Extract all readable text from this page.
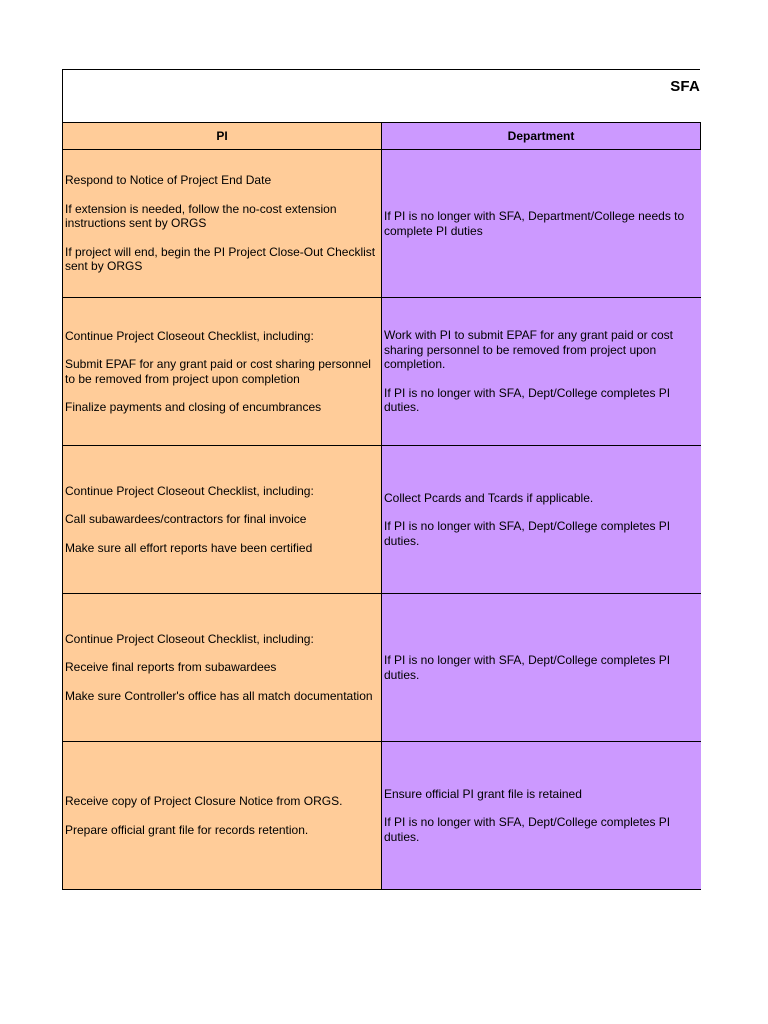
SFA
PI	Department

Respond to Notice of Project End Date
If extension is needed, follow the no-cost extension instructions sent by ORGS
If project will end, begin the PI Project Close-Out Checklist sent by ORGS	If PI is no longer with SFA, Department/College needs to complete PI duties

Continue Project Closeout Checklist, including:
Submit EPAF for any grant paid or cost sharing personnel to be removed from project upon completion
Finalize payments and closing of encumbrances	Work with PI to submit EPAF for any grant paid or cost sharing personnel to be removed from project upon completion.
If PI is no longer with SFA, Dept/College completes PI duties.

Continue Project Closeout Checklist, including:
Call subawardees/contractors for final invoice
Make sure all effort reports have been certified	Collect Pcards and Tcards if applicable.
If PI is no longer with SFA, Dept/College completes PI duties.

Continue Project Closeout Checklist, including:
Receive final reports from subawardees
Make sure Controller's office has all match documentation	If PI is no longer with SFA, Dept/College completes PI duties.

Receive copy of Project Closure Notice from ORGS.
Prepare official grant file for records retention.	Ensure official PI grant file is retained
If PI is no longer with SFA, Dept/College completes PI duties.
